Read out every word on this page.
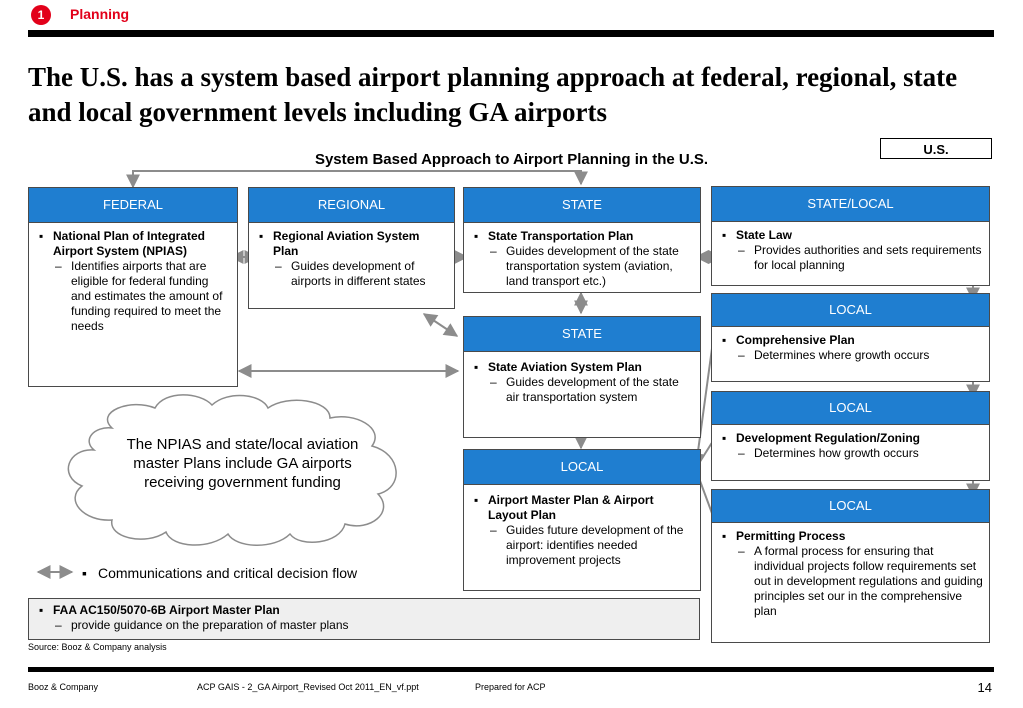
1	Planning
The U.S. has a system based airport planning approach at federal, regional, state and local government levels including GA airports
U.S.
System Based Approach to Airport Planning in the U.S.
FEDERAL
▪ National Plan of Integrated Airport System (NPIAS)
– Identifies airports that are eligible for federal funding and estimates the amount of funding required to meet the needs
REGIONAL
▪ Regional Aviation System Plan
– Guides development of airports in different states
STATE
▪ State Transportation Plan
– Guides development of the state transportation system (aviation, land transport etc.)
STATE
▪ State Aviation System Plan
– Guides development of the state air transportation system
LOCAL
▪ Airport Master Plan & Airport Layout Plan
– Guides future development of the airport: identifies needed improvement projects
STATE/LOCAL
▪ State Law
– Provides authorities and sets requirements for local planning
LOCAL
▪ Comprehensive Plan
– Determines where growth occurs
LOCAL
▪ Development Regulation/Zoning
– Determines how growth occurs
LOCAL
▪ Permitting Process
– A formal process for ensuring that individual projects follow requirements set out in development regulations and guiding principles set our in the comprehensive plan
The NPIAS and state/local aviation master Plans include GA airports receiving government funding
▪ Communications and critical decision flow
▪ FAA AC150/5070-6B Airport Master Plan
– provide guidance on the preparation of master plans
Source: Booz & Company analysis
Booz & Company	ACP GAIS - 2_GA Airport_Revised Oct 2011_EN_vf.ppt	Prepared for ACP	14
